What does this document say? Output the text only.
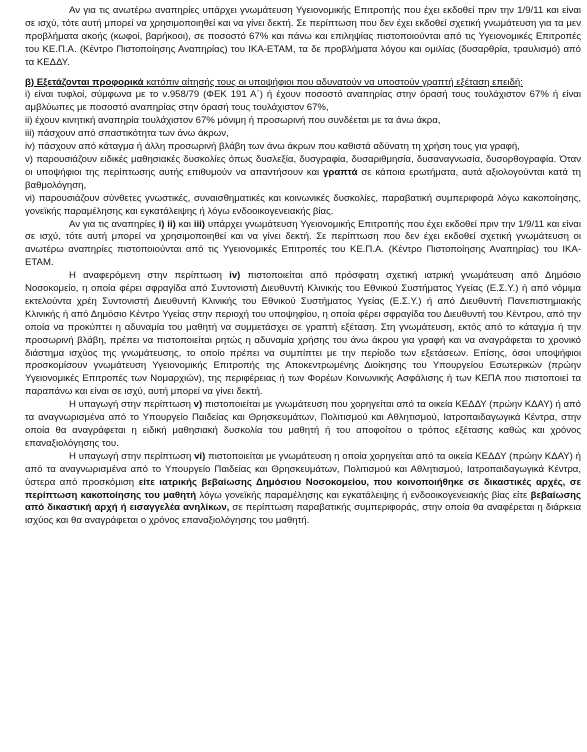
Αν για τις ανωτέρω αναπηρίες υπάρχει γνωμάτευση Υγειονομικής Επιτροπής που έχει εκδοθεί πριν την 1/9/11 και είναι σε ισχύ, τότε αυτή μπορεί να χρησιμοποιηθεί και να γίνει δεκτή. Σε περίπτωση που δεν έχει εκδοθεί σχετική γνωμάτευση για τα μεν προβλήματα ακοής (κωφοί, βαρήκοοι), σε ποσοστό 67% και πάνω και επιληψίας πιστοποιούνται από τις Υγειονομικές Επιτροπές του ΚΕ.Π.Α. (Κέντρο Πιστοποίησης Αναπηρίας) του ΙΚΑ-ΕΤΑΜ, τα δε προβλήματα λόγου και ομιλίας (δυσαρθρία, τραυλισμό) από τα ΚΕΔΔΥ.

β) Εξετάζονται προφορικά κατόπιν αίτησής τους οι υποψήφιοι που αδυνατούν να υποστούν γραπτή εξέταση επειδή:

i) είναι τυφλοί, σύμφωνα με το ν.958/79 (ΦΕΚ 191 Α΄) ή έχουν ποσοστό αναπηρίας στην όρασή τους τουλάχιστον 67% ή είναι αμβλύωπες με ποσοστό αναπηρίας στην όρασή τους τουλάχιστον 67%,

ii) έχουν κινητική αναπηρία τουλάχιστον 67% μόνιμη ή προσωρινή που συνδέεται με τα άνω άκρα,

iii) πάσχουν από σπαστικότητα των άνω άκρων,

iv) πάσχουν από κάταγμα ή άλλη προσωρινή βλάβη των άνω άκρων που καθιστά αδύνατη τη χρήση τους για γραφή,

v) παρουσιάζουν ειδικές μαθησιακές δυσκολίες όπως δυσλεξία, δυσγραφία, δυσαριθμησία, δυσαναγνωσία, δυσορθογραφία. Όταν οι υποψήφιοι της περίπτωσης αυτής επιθυμούν να απαντήσουν και γραπτά σε κάποια ερωτήματα, αυτά αξιολογούνται κατά τη βαθμολόγηση,

vi) παρουσιάζουν σύνθετες γνωστικές, συναισθηματικές και κοινωνικές δυσκολίες, παραβατική συμπεριφορά λόγω κακοποίησης, γονεϊκής παραμέλησης και εγκατάλειψης ή λόγω ενδοοικογενειακής βίας.

Αν για τις αναπηρίες i) ii) και iii) υπάρχει γνωμάτευση Υγειονομικής Επιτροπής που έχει εκδοθεί πριν την 1/9/11 και είναι σε ισχύ, τότε αυτή μπορεί να χρησιμοποιηθεί και να γίνει δεκτή. Σε περίπτωση που δεν έχει εκδοθεί σχετική γνωμάτευση οι ανωτέρω αναπηρίες πιστοποιούνται από τις Υγειονομικές Επιτροπές του ΚΕ.Π.Α. (Κέντρο Πιστοποίησης Αναπηρίας) του ΙΚΑ-ΕΤΑΜ.

Η αναφερόμενη στην περίπτωση iv) πιστοποιείται από πρόσφατη σχετική ιατρική γνωμάτευση από Δημόσιο Νοσοκομείο, η οποία φέρει σφραγίδα από Συντονιστή Διευθυντή Κλινικής του Εθνικού Συστήματος Υγείας (Ε.Σ.Υ.) ή από νόμιμα εκτελούντα χρέη Συντονιστή Διευθυντή Κλινικής του Εθνικού Συστήματος Υγείας (Ε.Σ.Υ.) ή από Διευθυντή Πανεπιστημιακής Κλινικής ή από Δημόσιο Κέντρο Υγείας στην περιοχή του υποψηφίου, η οποία φέρει σφραγίδα του Διευθυντή του Κέντρου, από την οποία να προκύπτει η αδυναμία του μαθητή να συμμετάσχει σε γραπτή εξέταση. Στη γνωμάτευση, εκτός από το κάταγμα ή την προσωρινή βλάβη, πρέπει να πιστοποιείται ρητώς η αδυναμία χρήσης του άνω άκρου για γραφή και να αναγράφεται το χρονικό διάστημα ισχύος της γνωμάτευσης, το οποίο πρέπει να συμπίπτει με την περίοδο των εξετάσεων. Επίσης, όσοι υποψήφιοι προσκομίσουν γνωμάτευση Υγειονομικής Επιτροπής της Αποκεντρωμένης Διοίκησης του Υπουργείου Εσωτερικών (πρώην Υγειονομικές Επιτροπές των Νομαρχιών), της περιφέρειας ή των Φορέων Κοινωνικής Ασφάλισης ή των ΚΕΠΑ που πιστοποιεί τα παραπάνω και είναι σε ισχύ, αυτή μπορεί να γίνει δεκτή.

Η υπαγωγή στην περίπτωση v) πιστοποιείται με γνωμάτευση που χορηγείται από τα οικεία ΚΕΔΔΥ (πρώην ΚΔΑΥ) ή από τα αναγνωρισμένα από το Υπουργείο Παιδείας και Θρησκευμάτων, Πολιτισμού και Αθλητισμού, Ιατροπαιδαγωγικά Κέντρα, στην οποία θα αναγράφεται η ειδική μαθησιακή δυσκολία του μαθητή ή του αποφοίτου ο τρόπος εξέτασης καθώς και χρόνος επαναξιολόγησης του.

Η υπαγωγή στην περίπτωση vi) πιστοποιείται με γνωμάτευση η οποία χορηγείται από τα οικεία ΚΕΔΔΥ (πρώην ΚΔΑΥ) ή από τα αναγνωρισμένα από το Υπουργείο Παιδείας και Θρησκευμάτων, Πολιτισμού και Αθλητισμού, Ιατροπαιδαγωγικά Κέντρα, ύστερα από προσκόμιση είτε ιατρικής βεβαίωσης Δημόσιου Νοσοκομείου, που κοινοποιήθηκε σε δικαστικές αρχές, σε περίπτωση κακοποίησης του μαθητή λόγω γονεϊκής παραμέλησης και εγκατάλειψης ή ενδοοικογενειακής βίας είτε βεβαίωσης από δικαστική αρχή ή εισαγγελέα ανηλίκων, σε περίπτωση παραβατικής συμπεριφοράς, στην οποία θα αναφέρεται η διάρκεια ισχύος και θα αναγράφεται ο χρόνος επαναξιολόγησης του μαθητή.
